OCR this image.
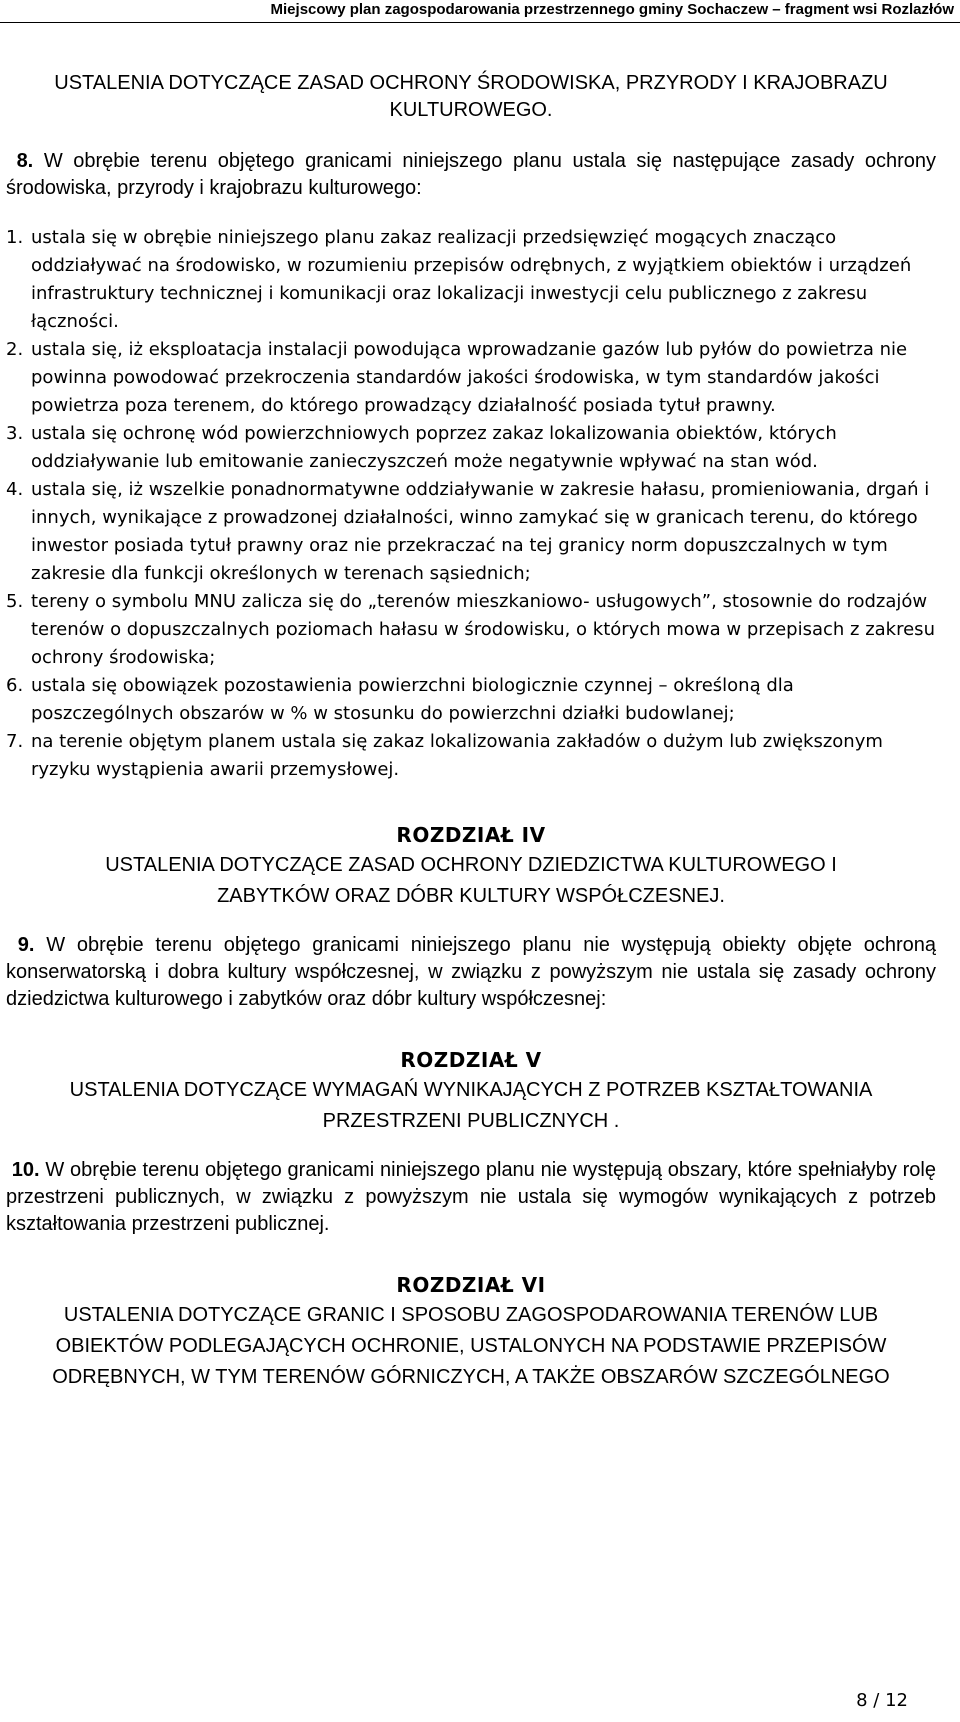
Miejscowy plan zagospodarowania przestrzennego gminy Sochaczew – fragment wsi Rozlazłów

USTALENIA DOTYCZĄCE ZASAD OCHRONY ŚRODOWISKA, PRZYRODY I KRAJOBRAZU

KULTUROWEGO.

8. W obrębie terenu objętego granicami niniejszego planu ustala się następujące zasady ochrony środowiska, przyrody i krajobrazu kulturowego:

1. ustala się w obrębie niniejszego planu zakaz realizacji przedsięwzięć mogących znacząco oddziaływać na środowisko, w rozumieniu przepisów odrębnych, z wyjątkiem obiektów i urządzeń infrastruktury technicznej i komunikacji oraz lokalizacji inwestycji celu publicznego z zakresu łączności.
2. ustala się, iż eksploatacja instalacji powodująca wprowadzanie gazów lub pyłów do powietrza nie powinna powodować przekroczenia standardów jakości środowiska, w tym standardów jakości powietrza poza terenem, do którego prowadzący działalność posiada tytuł prawny.
3. ustala się ochronę wód powierzchniowych poprzez zakaz lokalizowania obiektów, których oddziaływanie lub emitowanie zanieczyszczeń może negatywnie wpływać na stan wód.
4. ustala się, iż wszelkie ponadnormatywne oddziaływanie w zakresie hałasu, promieniowania, drgań i innych, wynikające z prowadzonej działalności, winno zamykać się w granicach terenu, do którego inwestor posiada tytuł prawny oraz nie przekraczać na tej granicy norm dopuszczalnych w tym zakresie dla funkcji określonych w terenach sąsiednich;
5. tereny o symbolu MNU zalicza się do „terenów mieszkaniowo- usługowych”, stosownie do rodzajów terenów o dopuszczalnych poziomach hałasu w środowisku, o których mowa w przepisach z zakresu ochrony środowiska;
6. ustala się obowiązek pozostawienia powierzchni biologicznie czynnej – określoną dla poszczególnych obszarów w % w stosunku do powierzchni działki budowlanej;
7. na terenie objętym planem ustala się zakaz lokalizowania zakładów o dużym lub zwiększonym ryzyku wystąpienia awarii przemysłowej.

ROZDZIAŁ IV

USTALENIA DOTYCZĄCE ZASAD OCHRONY DZIEDZICTWA KULTUROWEGO I

ZABYTKÓW ORAZ DÓBR KULTURY WSPÓŁCZESNEJ.

9. W obrębie terenu objętego granicami niniejszego planu nie występują obiekty objęte ochroną konserwatorską i dobra kultury współczesnej, w związku z powyższym nie ustala się zasady ochrony dziedzictwa kulturowego i zabytków oraz dóbr kultury współczesnej:

ROZDZIAŁ V

USTALENIA DOTYCZĄCE WYMAGAŃ WYNIKAJĄCYCH Z POTRZEB KSZTAŁTOWANIA

PRZESTRZENI PUBLICZNYCH .

10. W obrębie terenu objętego granicami niniejszego planu nie występują obszary, które spełniałyby rolę przestrzeni publicznych, w związku z powyższym nie ustala się wymogów wynikających z potrzeb kształtowania przestrzeni publicznej.

ROZDZIAŁ VI

USTALENIA DOTYCZĄCE GRANIC I SPOSOBU ZAGOSPODAROWANIA TERENÓW LUB

OBIEKTÓW PODLEGAJĄCYCH OCHRONIE, USTALONYCH NA PODSTAWIE PRZEPISÓW

ODRĘBNYCH, W TYM TERENÓW GÓRNICZYCH, A TAKŻE OBSZARÓW SZCZEGÓLNEGO

8 / 12
